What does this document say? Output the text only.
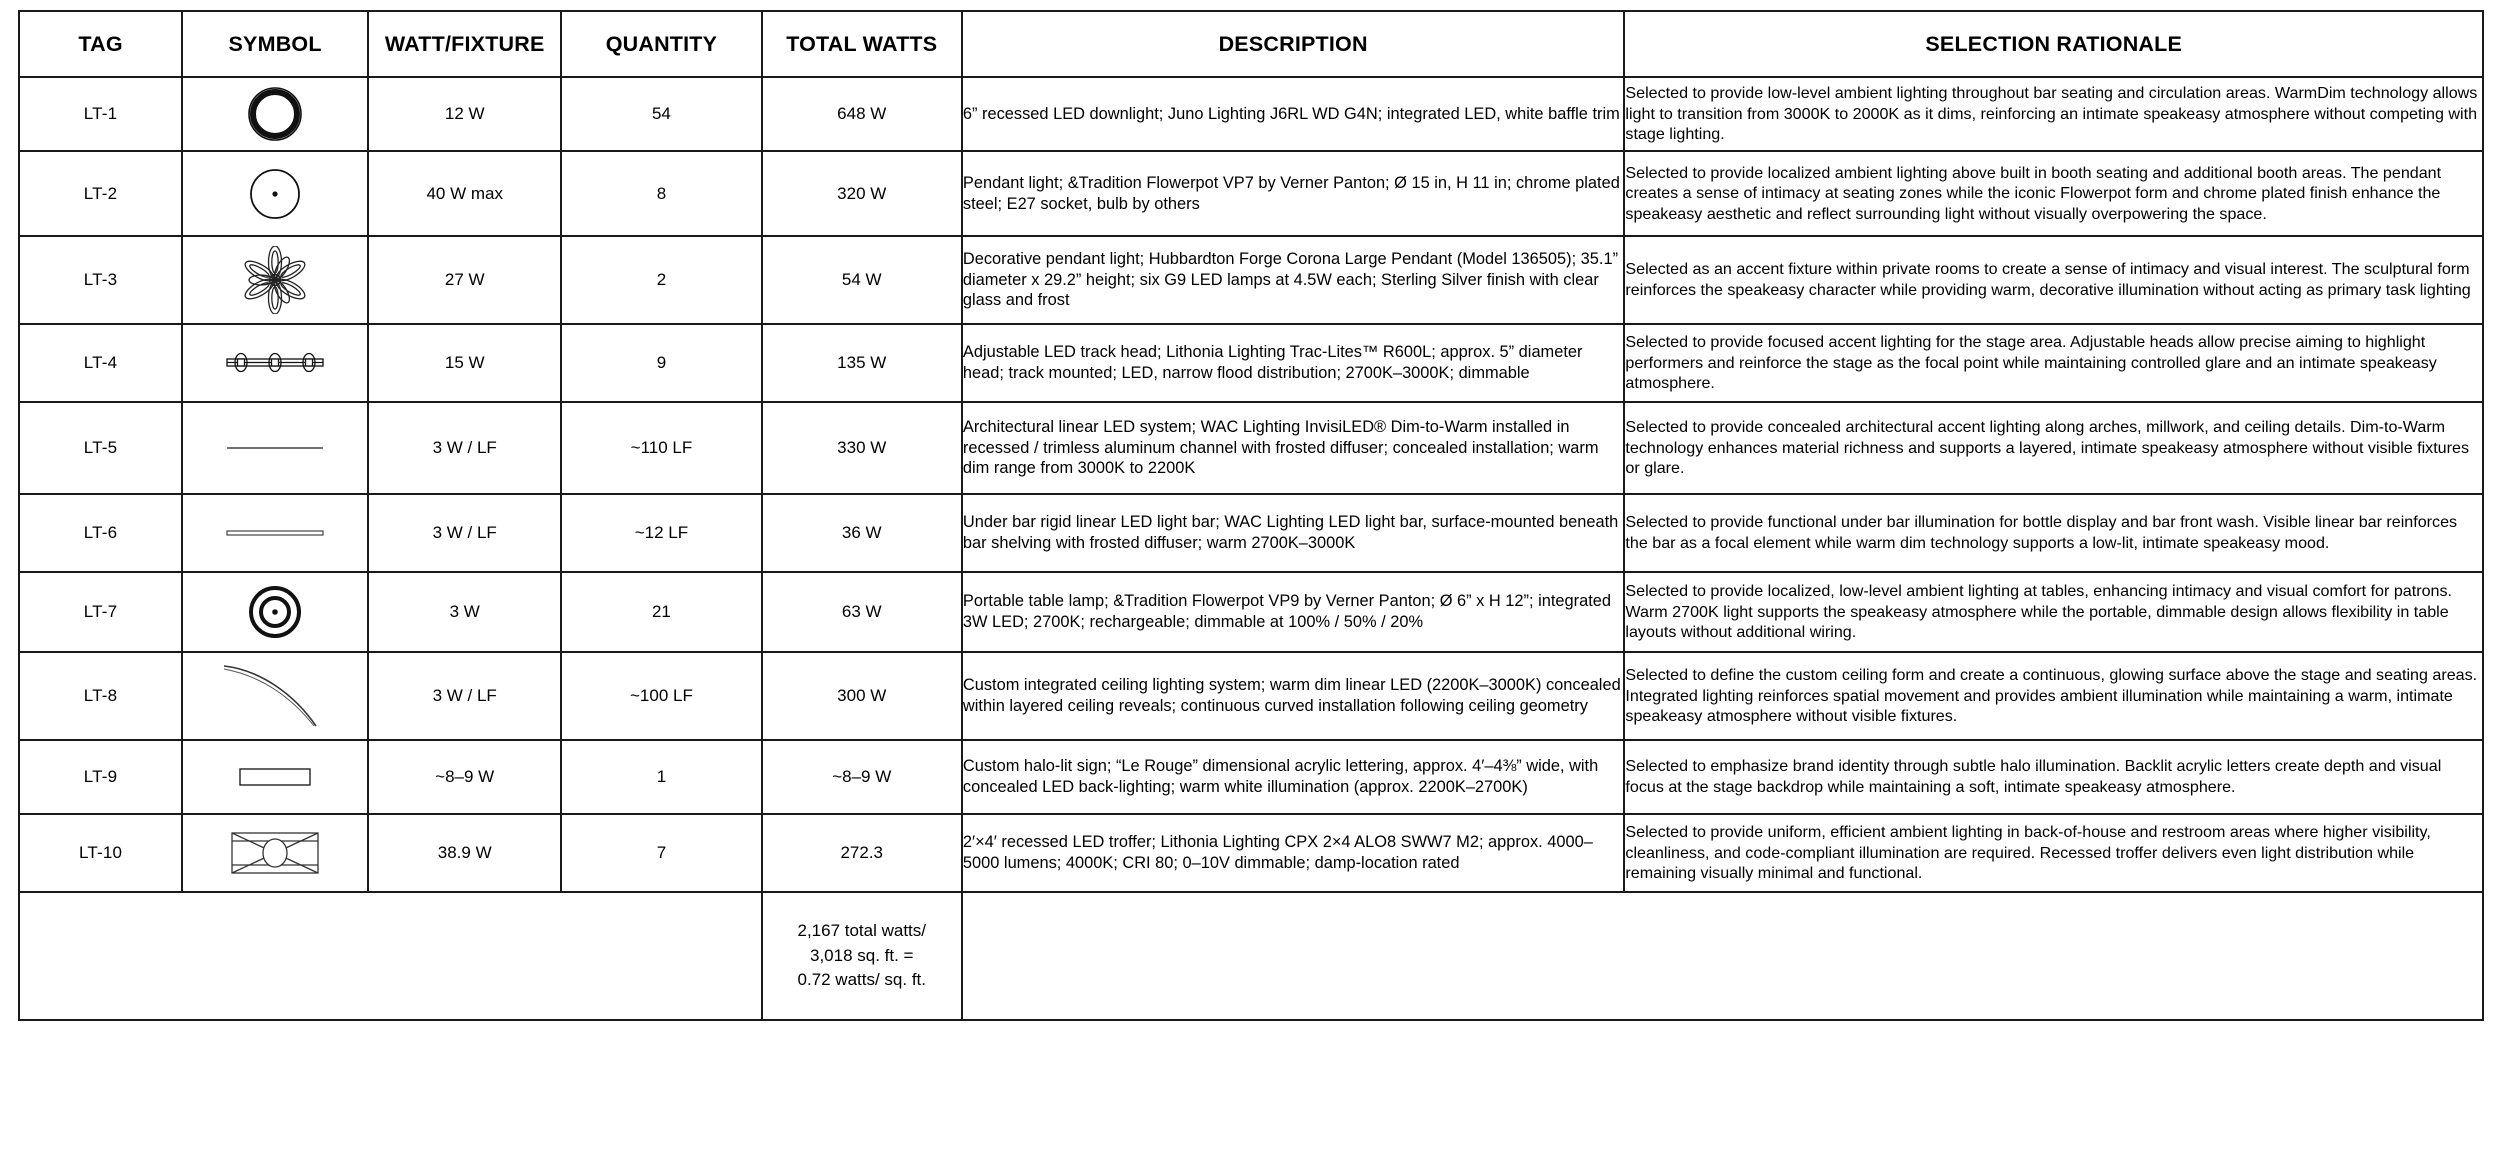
TAG	SYMBOL	WATT/FIXTURE	QUANTITY	TOTAL WATTS	DESCRIPTION	SELECTION RATIONALE
LT-1		12 W	54	648 W	6” recessed LED downlight; Juno Lighting J6RL WD G4N; integrated LED, white baffle trim	Selected to provide low-level ambient lighting throughout bar seating and circulation areas. WarmDim technology allows light to transition from 3000K to 2000K as it dims, reinforcing an intimate speakeasy atmosphere without competing with stage lighting.
LT-2		40 W max	8	320 W	Pendant light; &Tradition Flowerpot VP7 by Verner Panton; Ø 15 in, H 11 in; chrome plated steel; E27 socket, bulb by others	Selected to provide localized ambient lighting above built in booth seating and additional booth areas. The pendant creates a sense of intimacy at seating zones while the iconic Flowerpot form and chrome plated finish enhance the speakeasy aesthetic and reflect surrounding light without visually overpowering the space.
LT-3		27 W	2	54 W	Decorative pendant light; Hubbardton Forge Corona Large Pendant (Model 136505); 35.1” diameter x 29.2” height; six G9 LED lamps at 4.5W each; Sterling Silver finish with clear glass and frost	Selected as an accent fixture within private rooms to create a sense of intimacy and visual interest. The sculptural form reinforces the speakeasy character while providing warm, decorative illumination without acting as primary task lighting
LT-4		15 W	9	135 W	Adjustable LED track head; Lithonia Lighting Trac-Lites™ R600L; approx. 5” diameter head; track mounted; LED, narrow flood distribution; 2700K–3000K; dimmable	Selected to provide focused accent lighting for the stage area. Adjustable heads allow precise aiming to highlight performers and reinforce the stage as the focal point while maintaining controlled glare and an intimate speakeasy atmosphere.
LT-5		3 W / LF	~110 LF	330 W	Architectural linear LED system; WAC Lighting InvisiLED® Dim-to-Warm installed in recessed / trimless aluminum channel with frosted diffuser; concealed installation; warm dim range from 3000K to 2200K	Selected to provide concealed architectural accent lighting along arches, millwork, and ceiling details. Dim-to-Warm technology enhances material richness and supports a layered, intimate speakeasy atmosphere without visible fixtures or glare.
LT-6		3 W / LF	~12 LF	36 W	Under bar rigid linear LED light bar; WAC Lighting LED light bar, surface-mounted beneath bar shelving with frosted diffuser; warm 2700K–3000K	Selected to provide functional under bar illumination for bottle display and bar front wash. Visible linear bar reinforces the bar as a focal element while warm dim technology supports a low-lit, intimate speakeasy mood.
LT-7		3 W	21	63 W	Portable table lamp; &Tradition Flowerpot VP9 by Verner Panton; Ø 6” x H 12”; integrated 3W LED; 2700K; rechargeable; dimmable at 100% / 50% / 20%	Selected to provide localized, low-level ambient lighting at tables, enhancing intimacy and visual comfort for patrons. Warm 2700K light supports the speakeasy atmosphere while the portable, dimmable design allows flexibility in table layouts without additional wiring.
LT-8		3 W / LF	~100 LF	300 W	Custom integrated ceiling lighting system; warm dim linear LED (2200K–3000K) concealed within layered ceiling reveals; continuous curved installation following ceiling geometry	Selected to define the custom ceiling form and create a continuous, glowing surface above the stage and seating areas. Integrated lighting reinforces spatial movement and provides ambient illumination while maintaining a warm, intimate speakeasy atmosphere without visible fixtures.
LT-9		~8–9 W	1	~8–9 W	Custom halo-lit sign; “Le Rouge” dimensional acrylic lettering, approx. 4′–4⅜” wide, with concealed LED back-lighting; warm white illumination (approx. 2200K–2700K)	Selected to emphasize brand identity through subtle halo illumination. Backlit acrylic letters create depth and visual focus at the stage backdrop while maintaining a soft, intimate speakeasy atmosphere.
LT-10		38.9 W	7	272.3	2′×4′ recessed LED troffer; Lithonia Lighting CPX 2×4 ALO8 SWW7 M2; approx. 4000–5000 lumens; 4000K; CRI 80; 0–10V dimmable; damp-location rated	Selected to provide uniform, efficient ambient lighting in back-of-house and restroom areas where higher visibility, cleanliness, and code-compliant illumination are required. Recessed troffer delivers even light distribution while remaining visually minimal and functional.

				2,167 total watts/
3,018 sq. ft. =
0.72 watts/ sq. ft.		
